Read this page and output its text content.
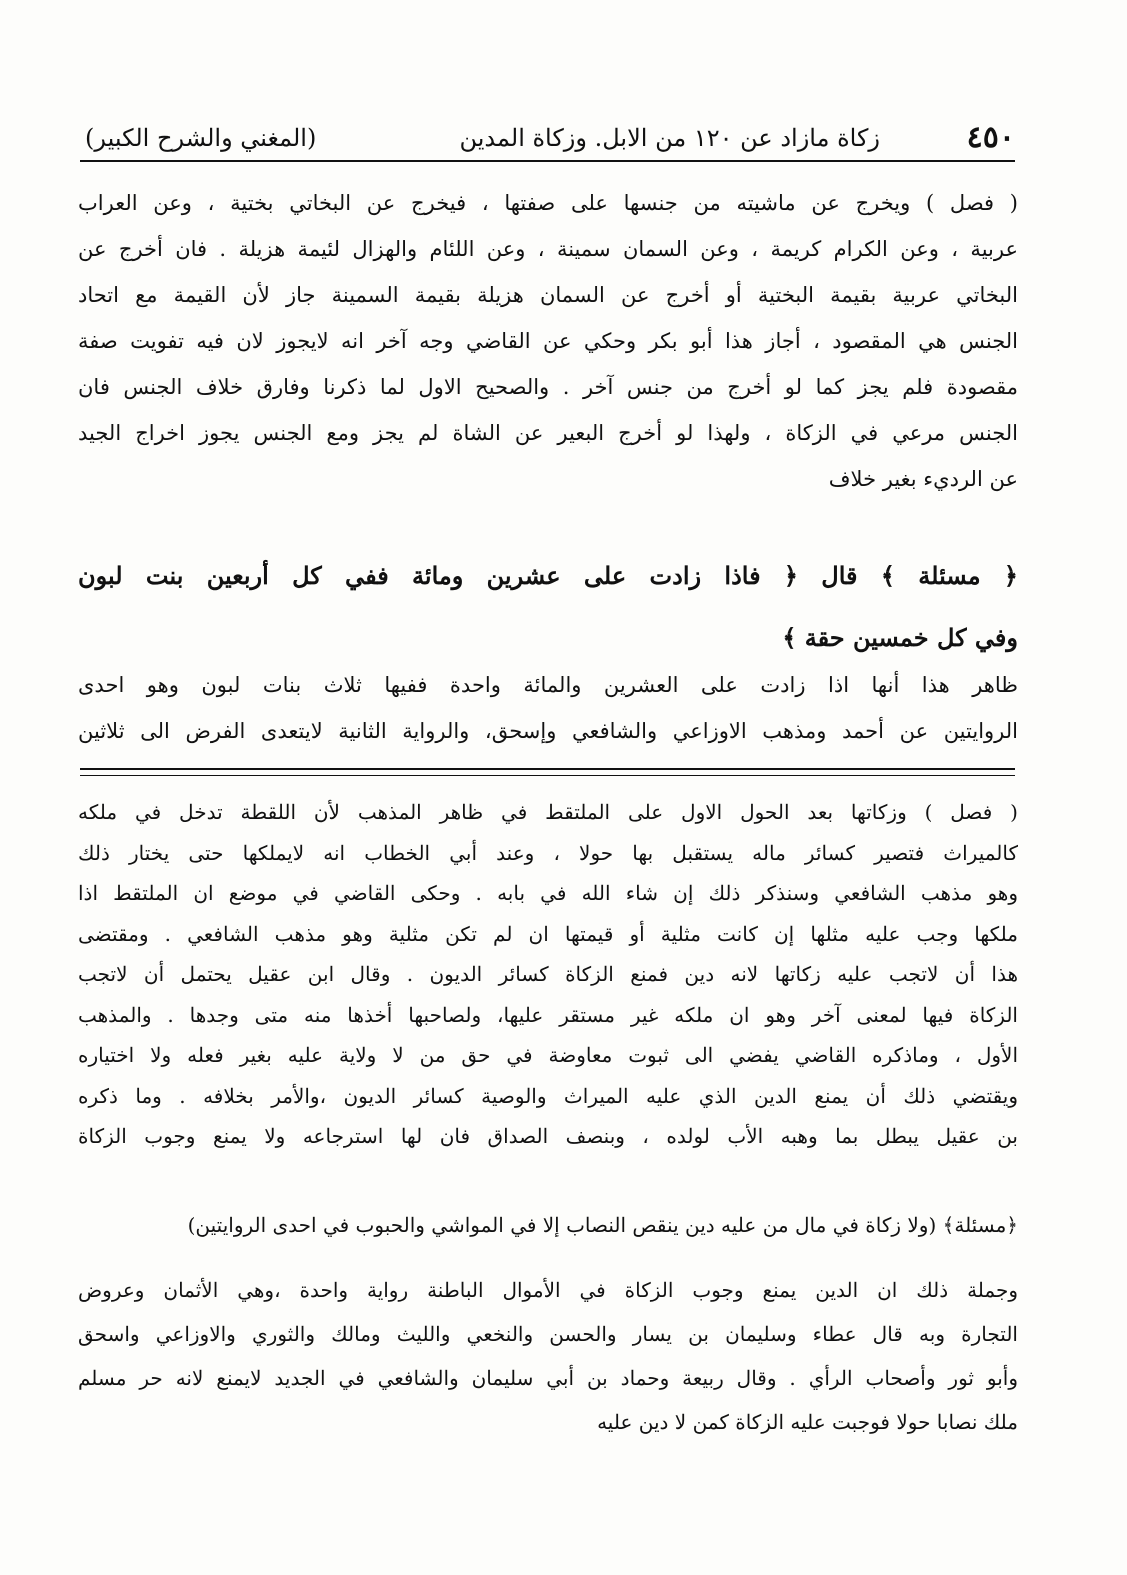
٤٥٠
زكاة مازاد عن ١٢٠ من الابل. وزكاة المدين
(المغني والشرح الكبير)
( فصل ) ويخرج عن ماشيته من جنسها على صفتها ، فيخرج عن البخاتي بختية ، وعن العراب
عربية ، وعن الكرام كريمة ، وعن السمان سمينة ، وعن اللئام والهزال لئيمة هزيلة . فان أخرج عن
البخاتي عربية بقيمة البختية أو أخرج عن السمان هزيلة بقيمة السمينة جاز لأن القيمة مع اتحاد
الجنس هي المقصود ، أجاز هذا أبو بكر وحكي عن القاضي وجه آخر انه لايجوز لان فيه تفويت صفة
مقصودة فلم يجز كما لو أخرج من جنس آخر . والصحيح الاول لما ذكرنا وفارق خلاف الجنس فان
الجنس مرعي في الزكاة ، ولهذا لو أخرج البعير عن الشاة لم يجز ومع الجنس يجوز اخراج الجيد
عن الرديء بغير خلاف
﴿ مسئلة ﴾ قال ﴿ فاذا زادت على عشرين ومائة ففي كل أربعين بنت لبون
وفي كل خمسين حقة ﴾
ظاهر هذا أنها اذا زادت على العشرين والمائة واحدة ففيها ثلاث بنات لبون وهو احدى
الروايتين عن أحمد ومذهب الاوزاعي والشافعي وإسحق، والرواية الثانية لايتعدى الفرض الى ثلاثين
( فصل ) وزكاتها بعد الحول الاول على الملتقط في ظاهر المذهب لأن اللقطة تدخل في ملكه
كالميراث فتصير كسائر ماله يستقبل بها حولا ، وعند أبي الخطاب انه لايملكها حتى يختار ذلك
وهو مذهب الشافعي وسنذكر ذلك إن شاء الله في بابه . وحكى القاضي في موضع ان الملتقط اذا
ملكها وجب عليه مثلها إن كانت مثلية أو قيمتها ان لم تكن مثلية وهو مذهب الشافعي . ومقتضى
هذا أن لاتجب عليه زكاتها لانه دين فمنع الزكاة كسائر الديون . وقال ابن عقيل يحتمل أن لاتجب
الزكاة فيها لمعنى آخر وهو ان ملكه غير مستقر عليها، ولصاحبها أخذها منه متى وجدها . والمذهب
الأول ، وماذكره القاضي يفضي الى ثبوت معاوضة في حق من لا ولاية عليه بغير فعله ولا اختياره
ويقتضي ذلك أن يمنع الدين الذي عليه الميراث والوصية كسائر الديون ،والأمر بخلافه . وما ذكره
بن عقيل يبطل بما وهبه الأب لولده ، وبنصف الصداق فان لها استرجاعه ولا يمنع وجوب الزكاة
﴿مسئلة﴾ (ولا زكاة في مال من عليه دين ينقص النصاب إلا في المواشي والحبوب في احدى الروايتين)
وجملة ذلك ان الدين يمنع وجوب الزكاة في الأموال الباطنة رواية واحدة ،وهي الأثمان وعروض
التجارة وبه قال عطاء وسليمان بن يسار والحسن والنخعي والليث ومالك والثوري والاوزاعي واسحق
وأبو ثور وأصحاب الرأي . وقال ربيعة وحماد بن أبي سليمان والشافعي في الجديد لايمنع لانه حر مسلم
ملك نصابا حولا فوجبت عليه الزكاة كمن لا دين عليه
